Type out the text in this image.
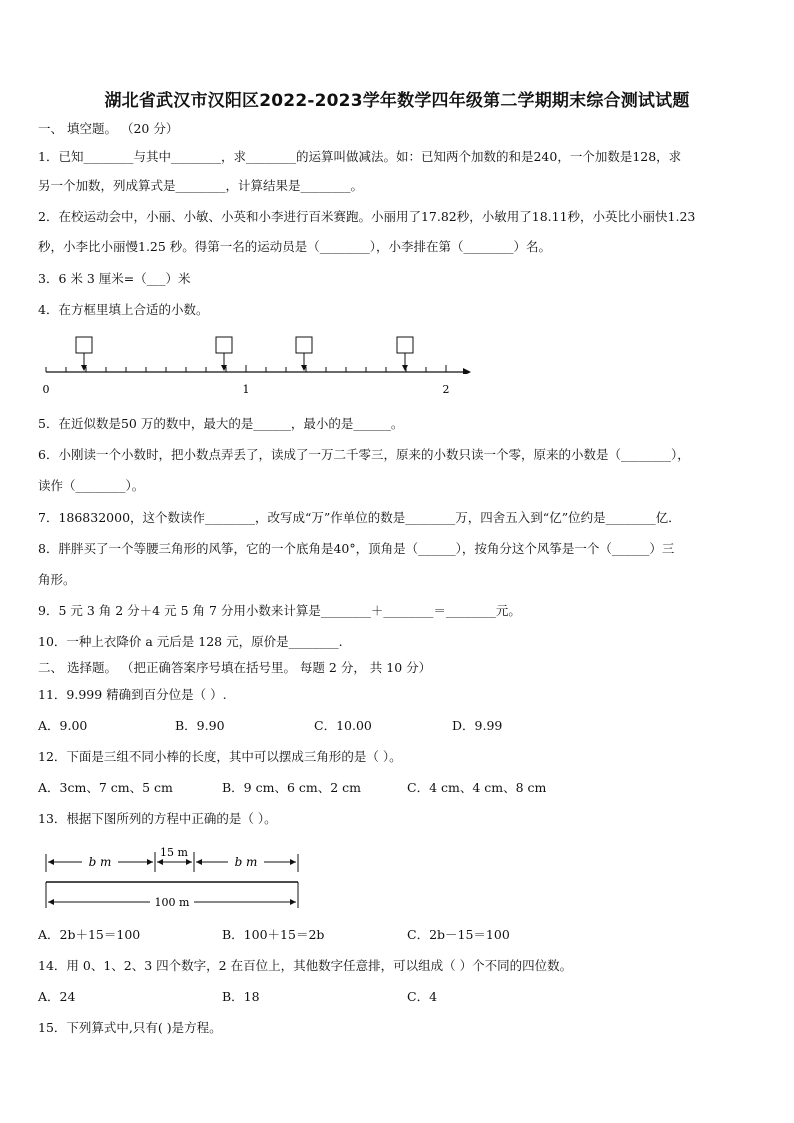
湖北省武汉市汉阳区2022-2023学年数学四年级第二学期期末综合测试试题
一、 填空题。 （20 分）
1．已知________与其中________，求________的运算叫做减法。如：已知两个加数的和是240，一个加数是128，求
另一个加数，列成算式是________，计算结果是________。
2．在校运动会中，小丽、小敏、小英和小李进行百米赛跑。小丽用了17.82秒，小敏用了18.11秒，小英比小丽快1.23
秒，小李比小丽慢1.25 秒。得第一名的运动员是（________），小李排在第（________）名。
3．6 米 3 厘米=（___）米
4．在方框里填上合适的小数。
0	1	2
5．在近似数是50 万的数中，最大的是______，最小的是______。
6．小刚读一个小数时，把小数点弄丢了，读成了一万二千零三，原来的小数只读一个零，原来的小数是（________），
读作（________）。
7．186832000，这个数读作________，改写成“万”作单位的数是________万，四舍五入到“亿”位约是________亿．
8．胖胖买了一个等腰三角形的风筝，它的一个底角是40°，顶角是（______），按角分这个风筝是一个（______）三
角形。
9．5 元 3 角 2 分＋4 元 5 角 7 分用小数来计算是________＋________＝________元。
10．一种上衣降价 a 元后是 128 元，原价是________.
二、 选择题。 （把正确答案序号填在括号里。 每题 2 分， 共 10 分）
11．9.999 精确到百分位是（ ）.
A．9.00	B．9.90	C．10.00	D．9.99
12．下面是三组不同小棒的长度，其中可以摆成三角形的是（ ）。
A．3cm、7 cm、5 cm	B．9 cm、6 cm、2 cm	C．4 cm、4 cm、8 cm
13．根据下图所列的方程中正确的是（ ）。
b m
15 m
b m
100 m
A．2b＋15＝100	B．100＋15＝2b	C．2b－15＝100
14．用 0、1、2、3 四个数字，2 在百位上，其他数字任意排，可以组成（ ）个不同的四位数。
A．24	B．18	C．4
15．下列算式中,只有( )是方程。
